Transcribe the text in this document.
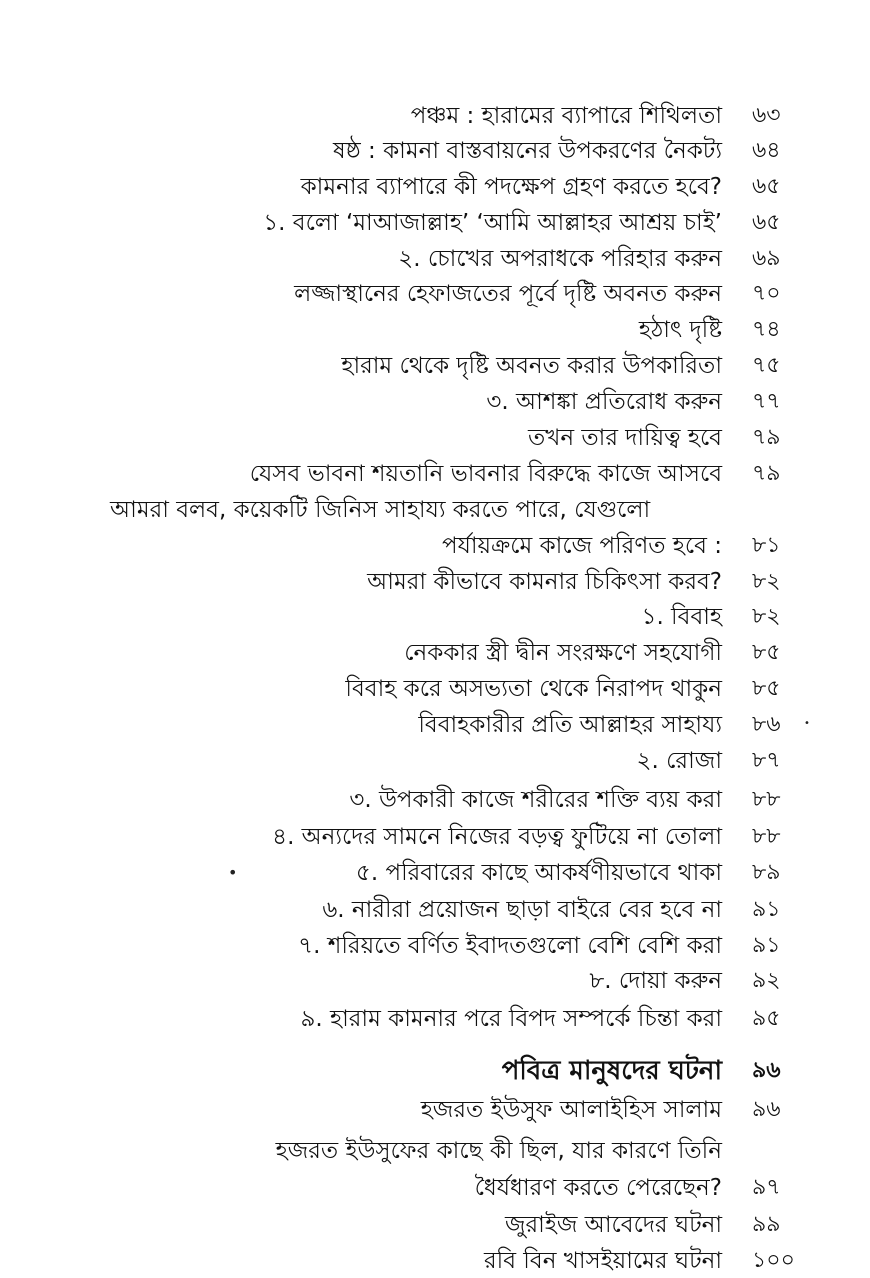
পঞ্চম : হারামের ব্যাপারে শিথিলতা ৬৩
ষষ্ঠ : কামনা বাস্তবায়নের উপকরণের নৈকট্য ৬৪
কামনার ব্যাপারে কী পদক্ষেপ গ্রহণ করতে হবে? ৬৫
১. বলো ‘মাআজাল্লাহ’ ‘আমি আল্লাহর আশ্রয় চাই’ ৬৫
২. চোখের অপরাধকে পরিহার করুন ৬৯
লজ্জাস্থানের হেফাজতের পূর্বে দৃষ্টি অবনত করুন ৭০
হঠাৎ দৃষ্টি ৭৪
হারাম থেকে দৃষ্টি অবনত করার উপকারিতা ৭৫
৩. আশঙ্কা প্রতিরোধ করুন ৭৭
তখন তার দায়িত্ব হবে ৭৯
যেসব ভাবনা শয়তানি ভাবনার বিরুদ্ধে কাজে আসবে ৭৯
আমরা বলব, কয়েকটি জিনিস সাহায্য করতে পারে, যেগুলো
পর্যায়ক্রমে কাজে পরিণত হবে : ৮১
আমরা কীভাবে কামনার চিকিৎসা করব? ৮২
১. বিবাহ ৮২
নেককার স্ত্রী দ্বীন সংরক্ষণে সহযোগী ৮৫
বিবাহ করে অসভ্যতা থেকে নিরাপদ থাকুন ৮৫
বিবাহকারীর প্রতি আল্লাহর সাহায্য ৮৬
২. রোজা ৮৭
৩. উপকারী কাজে শরীরের শক্তি ব্যয় করা ৮৮
৪. অন্যদের সামনে নিজের বড়ত্ব ফুটিয়ে না তোলা ৮৮
৫. পরিবারের কাছে আকর্ষণীয়ভাবে থাকা ৮৯
৬. নারীরা প্রয়োজন ছাড়া বাইরে বের হবে না ৯১
৭. শরিয়তে বর্ণিত ইবাদতগুলো বেশি বেশি করা ৯১
৮. দোয়া করুন ৯২
৯. হারাম কামনার পরে বিপদ সম্পর্কে চিন্তা করা ৯৫
পবিত্র মানুষদের ঘটনা ৯৬
হজরত ইউসুফ আলাইহিস সালাম ৯৬
হজরত ইউসুফের কাছে কী ছিল, যার কারণে তিনি
ধৈর্যধারণ করতে পেরেছেন? ৯৭
জুরাইজ আবেদের ঘটনা ৯৯
রবি বিন খাসইয়ামের ঘটনা ১০০
•
•
